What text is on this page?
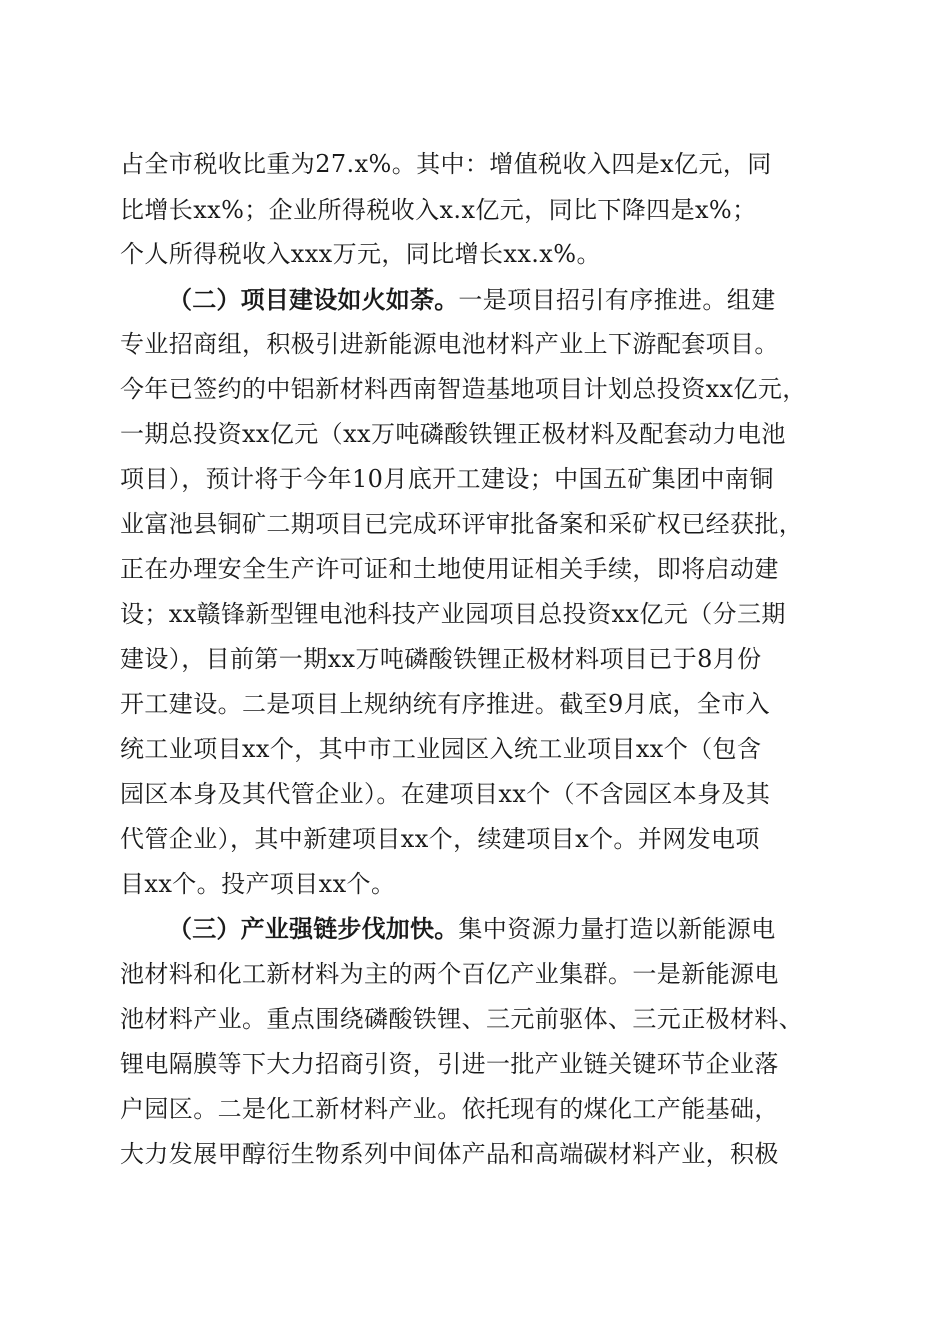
占全市税收比重为27.x%。其中：增值税收入四是x亿元，同
比增长xx%；企业所得税收入x.x亿元，同比下降四是x%；
个人所得税收入xxx万元，同比增长xx.x%。
（二）项目建设如火如荼。一是项目招引有序推进。组建
专业招商组，积极引进新能源电池材料产业上下游配套项目。
今年已签约的中铝新材料西南智造基地项目计划总投资xx亿元，
一期总投资xx亿元（xx万吨磷酸铁锂正极材料及配套动力电池
项目），预计将于今年10月底开工建设；中国五矿集团中南铜
业富池县铜矿二期项目已完成环评审批备案和采矿权已经获批，
正在办理安全生产许可证和土地使用证相关手续，即将启动建
设；xx赣锋新型锂电池科技产业园项目总投资xx亿元（分三期
建设），目前第一期xx万吨磷酸铁锂正极材料项目已于8月份
开工建设。二是项目上规纳统有序推进。截至9月底，全市入
统工业项目xx个，其中市工业园区入统工业项目xx个（包含
园区本身及其代管企业）。在建项目xx个（不含园区本身及其
代管企业），其中新建项目xx个，续建项目x个。并网发电项
目xx个。投产项目xx个。
（三）产业强链步伐加快。集中资源力量打造以新能源电
池材料和化工新材料为主的两个百亿产业集群。一是新能源电
池材料产业。重点围绕磷酸铁锂、三元前驱体、三元正极材料、
锂电隔膜等下大力招商引资，引进一批产业链关键环节企业落
户园区。二是化工新材料产业。依托现有的煤化工产能基础，
大力发展甲醇衍生物系列中间体产品和高端碳材料产业，积极
